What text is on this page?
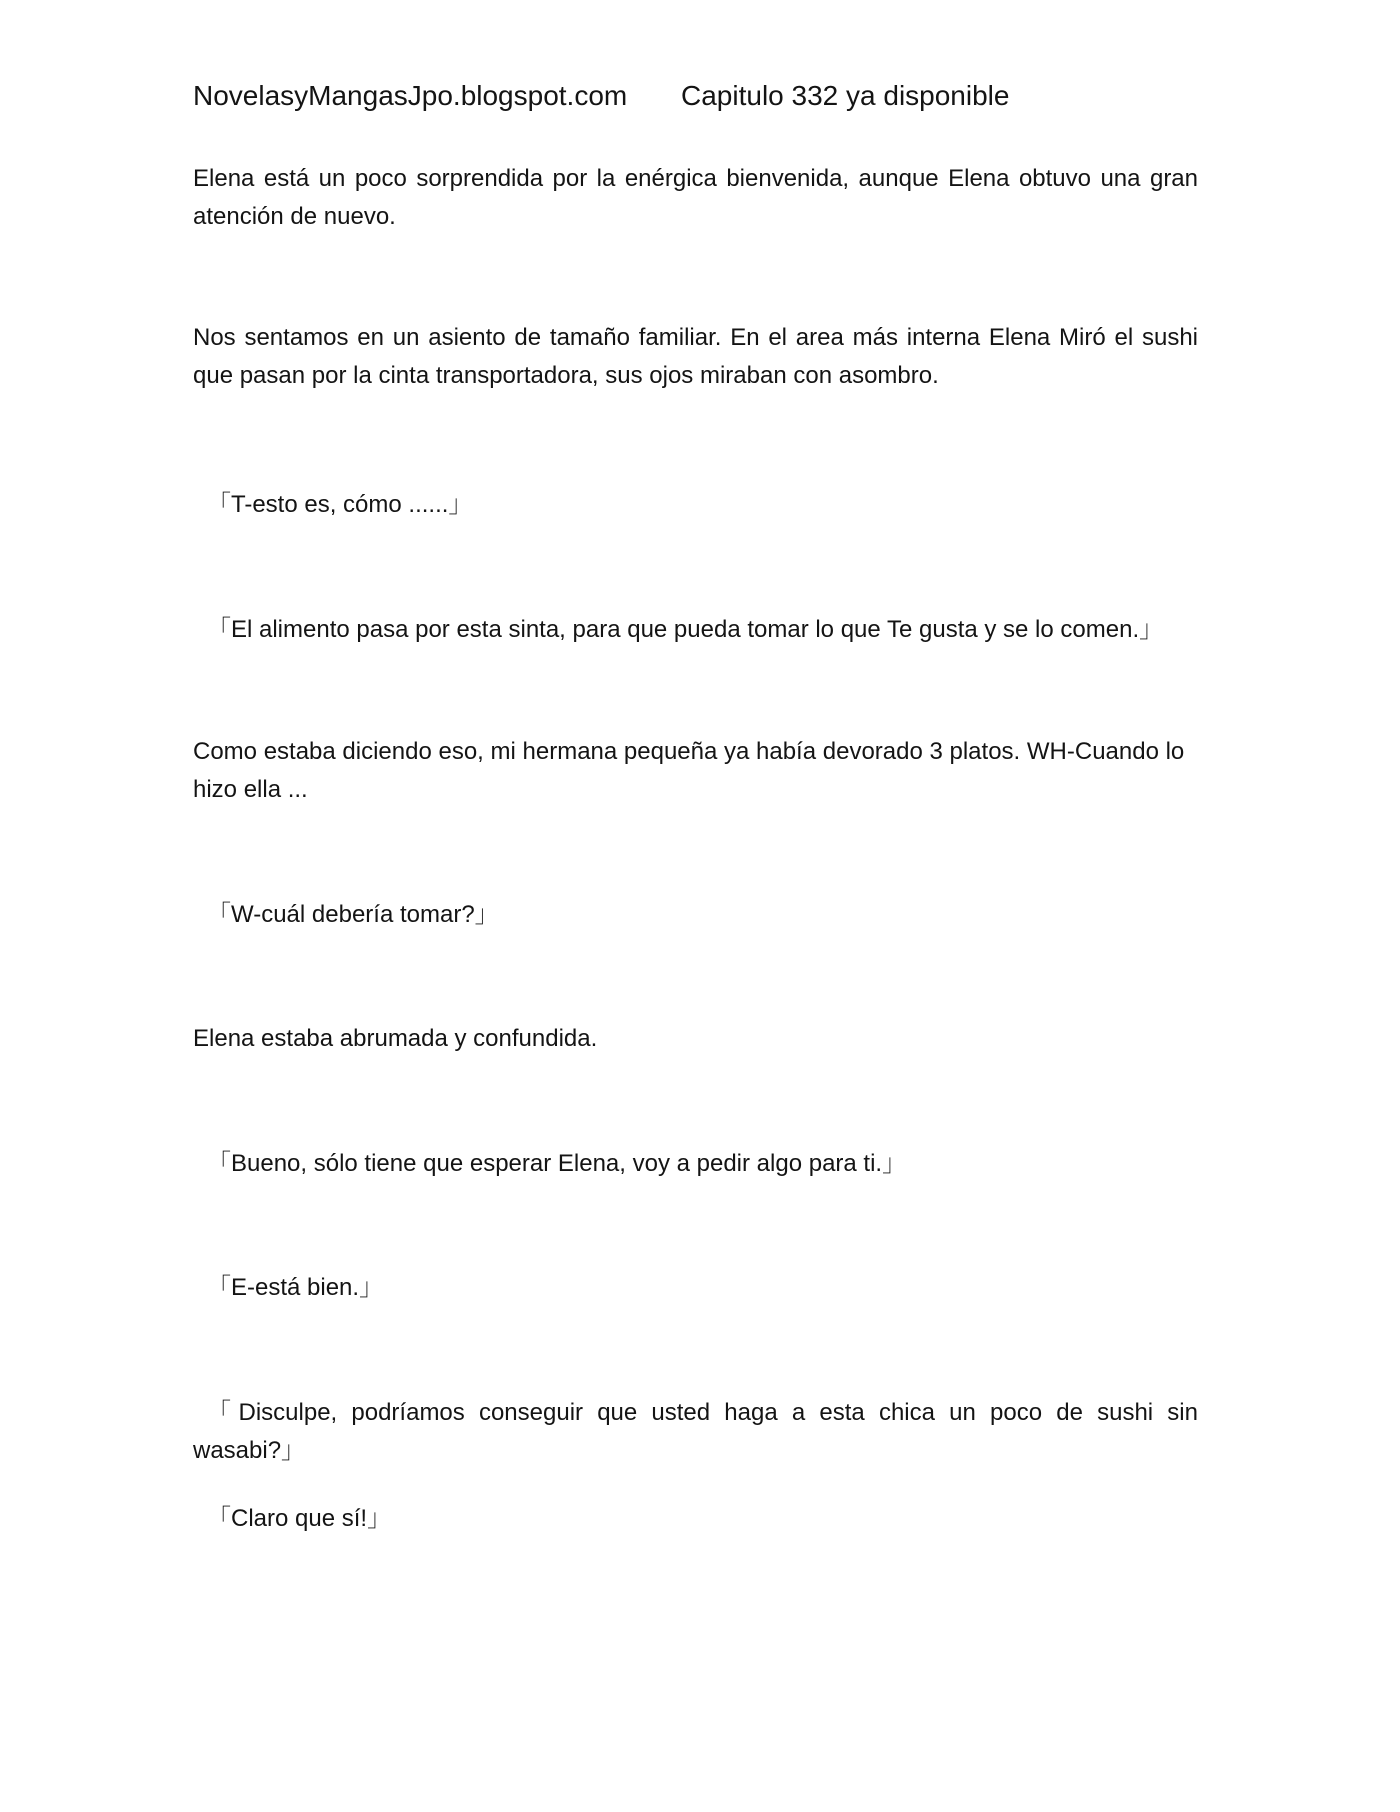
NovelasyMangasJpo.blogspot.com Capitulo 332 ya disponible

Elena está un poco sorprendida por la enérgica bienvenida, aunque Elena obtuvo una gran atención de nuevo.

Nos sentamos en un asiento de tamaño familiar. En el area más interna Elena Miró el sushi que pasan por la cinta transportadora, sus ojos miraban con asombro.

「T-esto es, cómo ......」

「El alimento pasa por esta sinta, para que pueda tomar lo que Te gusta y se lo comen.」

Como estaba diciendo eso, mi hermana pequeña ya había devorado 3 platos. WH-Cuando lo hizo ella ...

「W-cuál debería tomar?」

Elena estaba abrumada y confundida.

「Bueno, sólo tiene que esperar Elena, voy a pedir algo para ti.」

「E-está bien.」

「Disculpe, podríamos conseguir que usted haga a esta chica un poco de sushi sin wasabi?」

「Claro que sí!」
